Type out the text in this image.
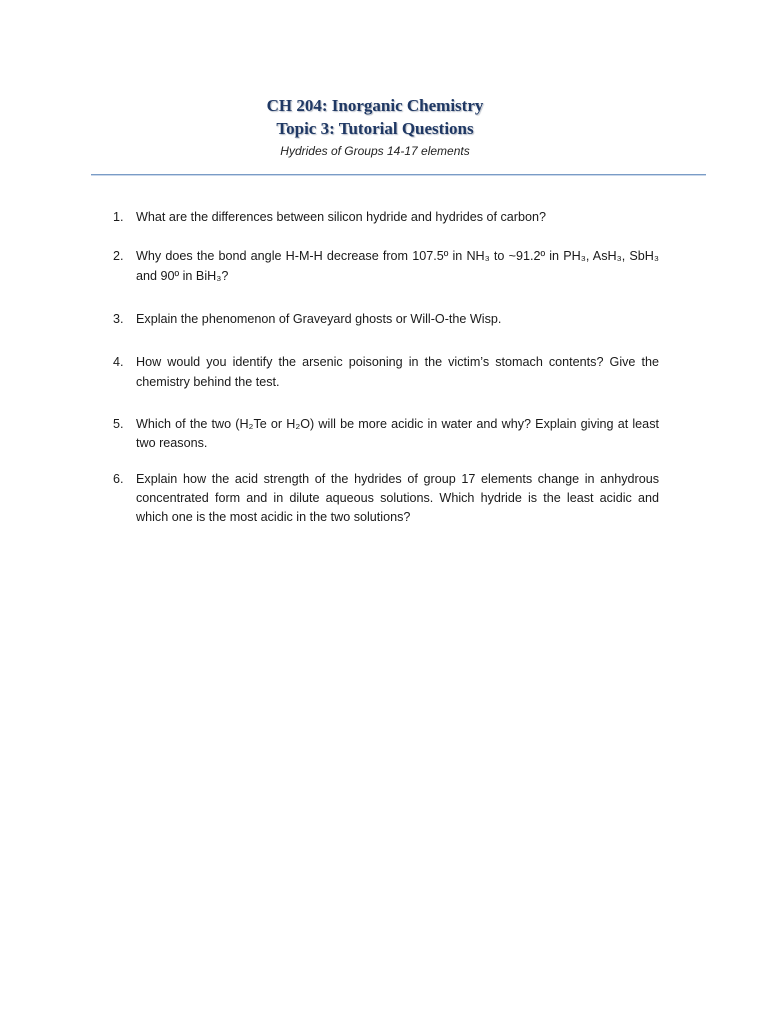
CH 204: Inorganic Chemistry
Topic 3: Tutorial Questions
Hydrides of Groups 14-17 elements
1. What are the differences between silicon hydride and hydrides of carbon?
2. Why does the bond angle H-M-H decrease from 107.5º in NH₃ to ~91.2º in PH₃, AsH₃, SbH₃ and 90º in BiH₃?
3. Explain the phenomenon of Graveyard ghosts or Will-O-the Wisp.
4. How would you identify the arsenic poisoning in the victim’s stomach contents? Give the chemistry behind the test.
5. Which of the two (H₂Te or H₂O) will be more acidic in water and why? Explain giving at least two reasons.
6. Explain how the acid strength of the hydrides of group 17 elements change in anhydrous concentrated form and in dilute aqueous solutions. Which hydride is the least acidic and which one is the most acidic in the two solutions?
